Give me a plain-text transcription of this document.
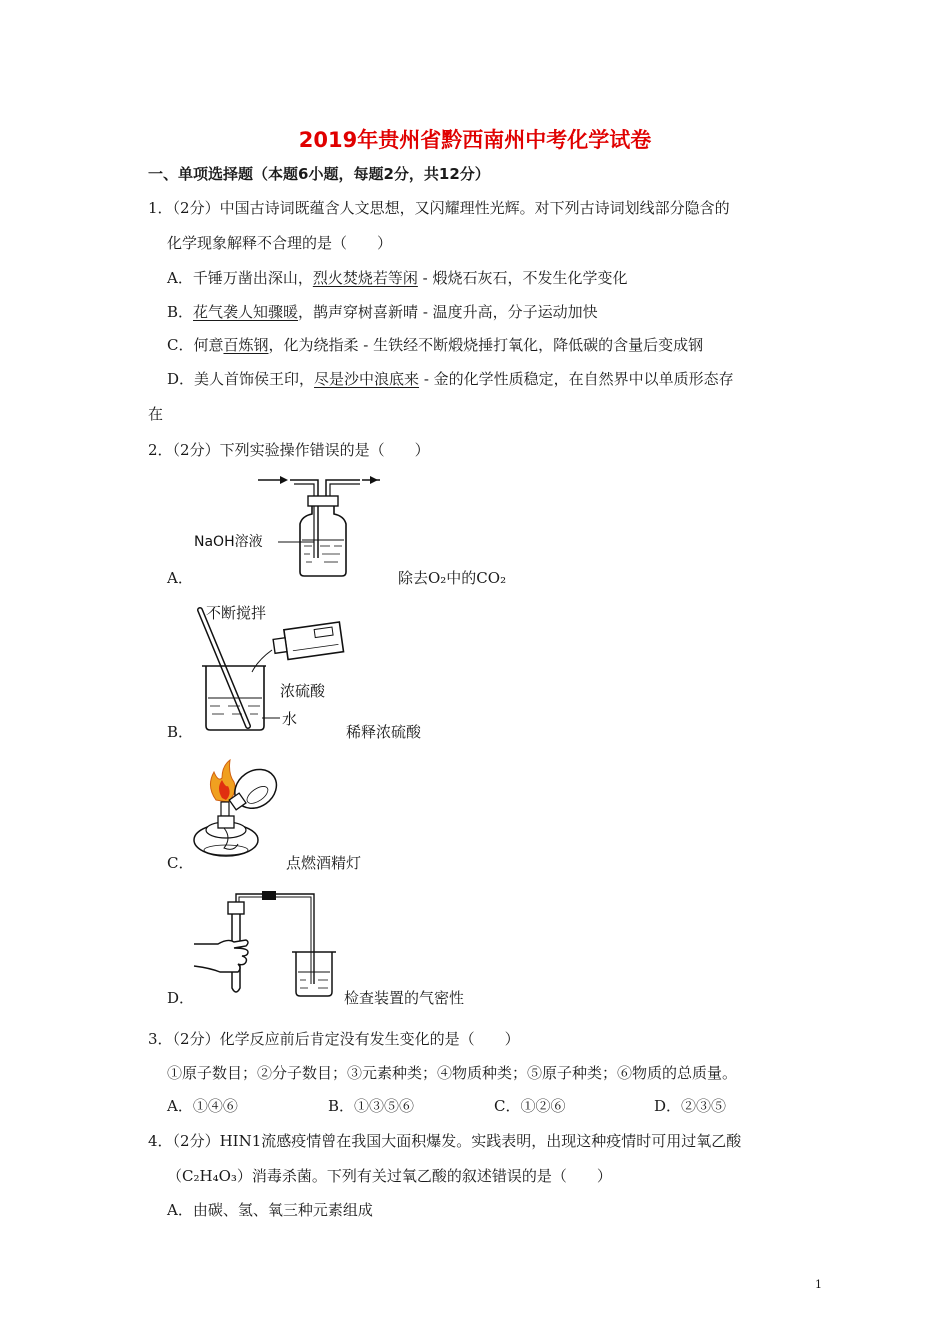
2019年贵州省黔西南州中考化学试卷
一、单项选择题（本题6小题，每题2分，共12分）
1．（2分）中国古诗词既蕴含人文思想，又闪耀理性光辉。对下列古诗词划线部分隐含的
化学现象解释不合理的是（　　）
A．千锤万凿出深山，烈火焚烧若等闲 - 煅烧石灰石，不发生化学变化
B．花气袭人知骤暖，鹊声穿树喜新晴 - 温度升高，分子运动加快
C．何意百炼钢，化为绕指柔 - 生铁经不断煅烧捶打氧化，降低碳的含量后变成钢
D．美人首饰侯王印，尽是沙中浪底来 - 金的化学性质稳定，在自然界中以单质形态存
在
2．（2分）下列实验操作错误的是（　　）
NaOH溶液
A．	除去O₂中的CO₂
不断搅拌
浓硫酸
水
B．	稀释浓硫酸
C．	点燃酒精灯
D．	检查装置的气密性
3．（2分）化学反应前后肯定没有发生变化的是（　　）
①原子数目；②分子数目；③元素种类；④物质种类；⑤原子种类；⑥物质的总质量。
A．①④⑥	B．①③⑤⑥	C．①②⑥	D．②③⑤
4．（2分）HIN1流感疫情曾在我国大面积爆发。实践表明，出现这种疫情时可用过氧乙酸
（C₂H₄O₃）消毒杀菌。下列有关过氧乙酸的叙述错误的是（　　）
A．由碳、氢、氧三种元素组成
1
